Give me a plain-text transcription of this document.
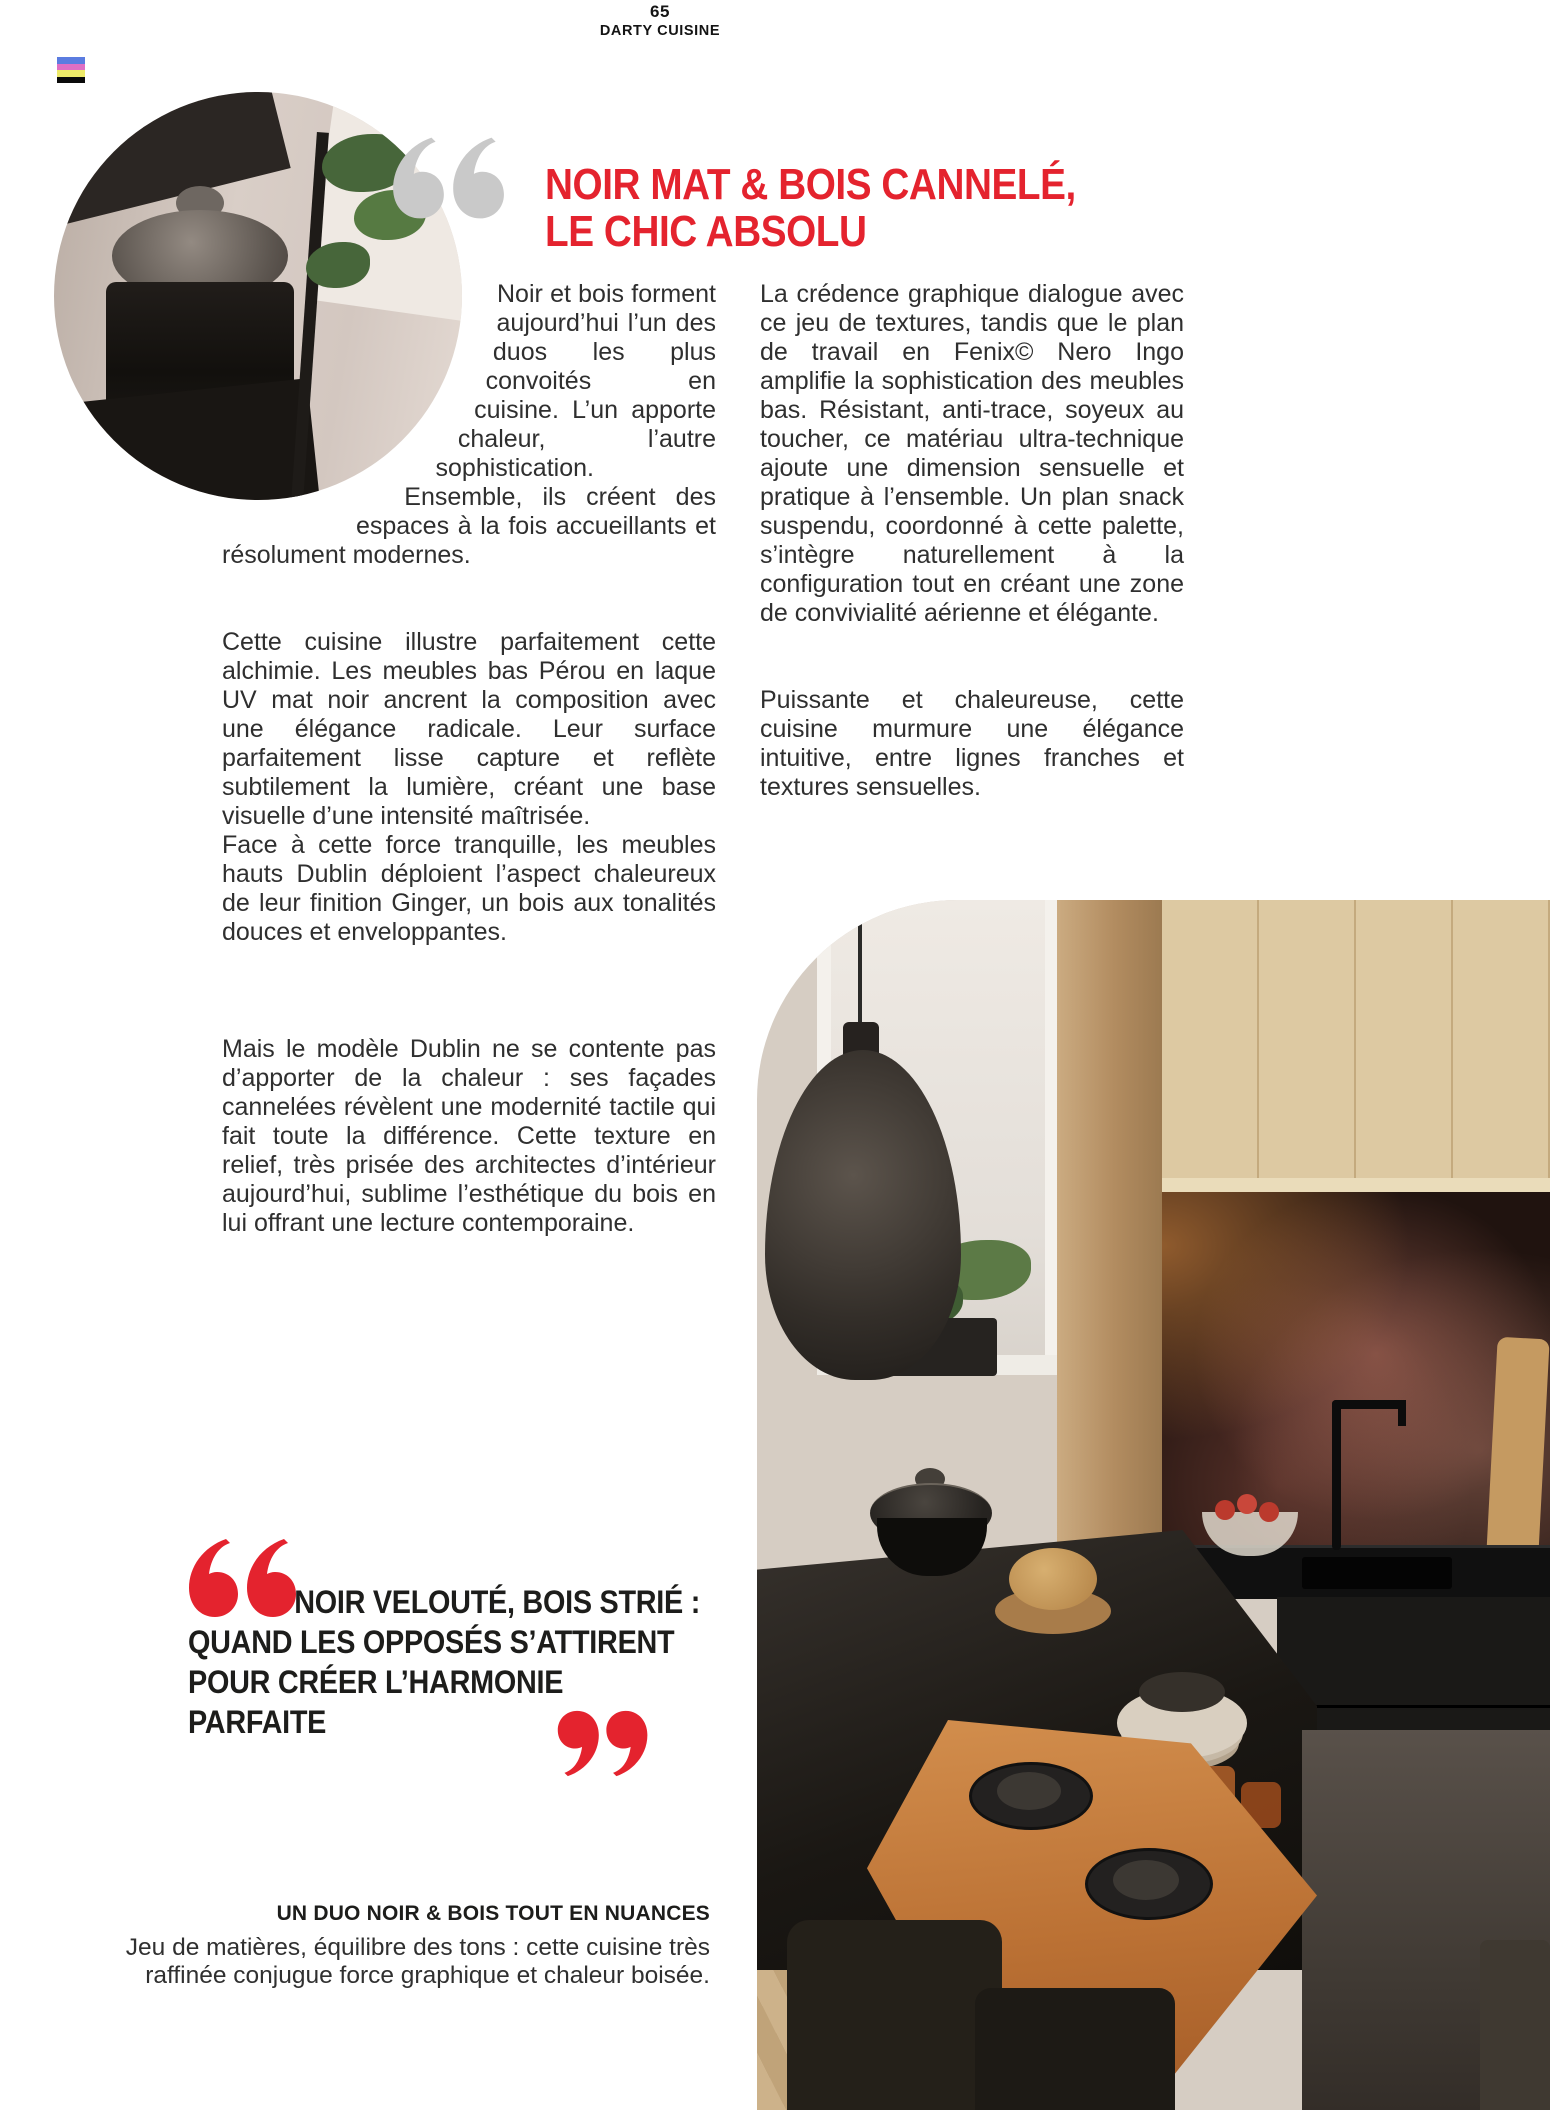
65
DARTY CUISINE
NOIR MAT & BOIS CANNELÉ,
LE CHIC ABSOLU

Noir et bois forment aujourd’hui l’un des duos les plus convoités en cuisine. L’un apporte chaleur, l’autre sophistication. Ensemble, ils créent des espaces à la fois accueillants et résolument modernes.

Cette cuisine illustre parfaitement cette alchimie. Les meubles bas Pérou en laque UV mat noir ancrent la composition avec une élégance radicale. Leur surface parfaitement lisse capture et reflète subtilement la lumière, créant une base visuelle d’une intensité maîtrisée.

Face à cette force tranquille, les meubles hauts Dublin déploient l’aspect chaleureux de leur finition Ginger, un bois aux tonalités douces et enveloppantes.

Mais le modèle Dublin ne se contente pas d’apporter de la chaleur : ses façades cannelées révèlent une modernité tactile qui fait toute la différence. Cette texture en relief, très prisée des architectes d’intérieur aujourd’hui, sublime l’esthétique du bois en lui offrant une lecture contemporaine.

La crédence graphique dialogue avec ce jeu de textures, tandis que le plan de travail en Fenix© Nero Ingo amplifie la sophistication des meubles bas. Résistant, anti-trace, soyeux au toucher, ce matériau ultra-technique ajoute une dimension sensuelle et pratique à l’ensemble. Un plan snack suspendu, coordonné à cette palette, s’intègre naturellement à la configuration tout en créant une zone de convivialité aérienne et élégante.

Puissante et chaleureuse, cette cuisine murmure une élégance intuitive, entre lignes franches et textures sensuelles.

NOIR VELOUTÉ, BOIS STRIÉ :
QUAND LES OPPOSÉS S’ATTIRENT
POUR CRÉER L’HARMONIE
PARFAITE
UN DUO NOIR & BOIS TOUT EN NUANCES
Jeu de matières, équilibre des tons : cette cuisine très raffinée conjugue force graphique et chaleur boisée.
